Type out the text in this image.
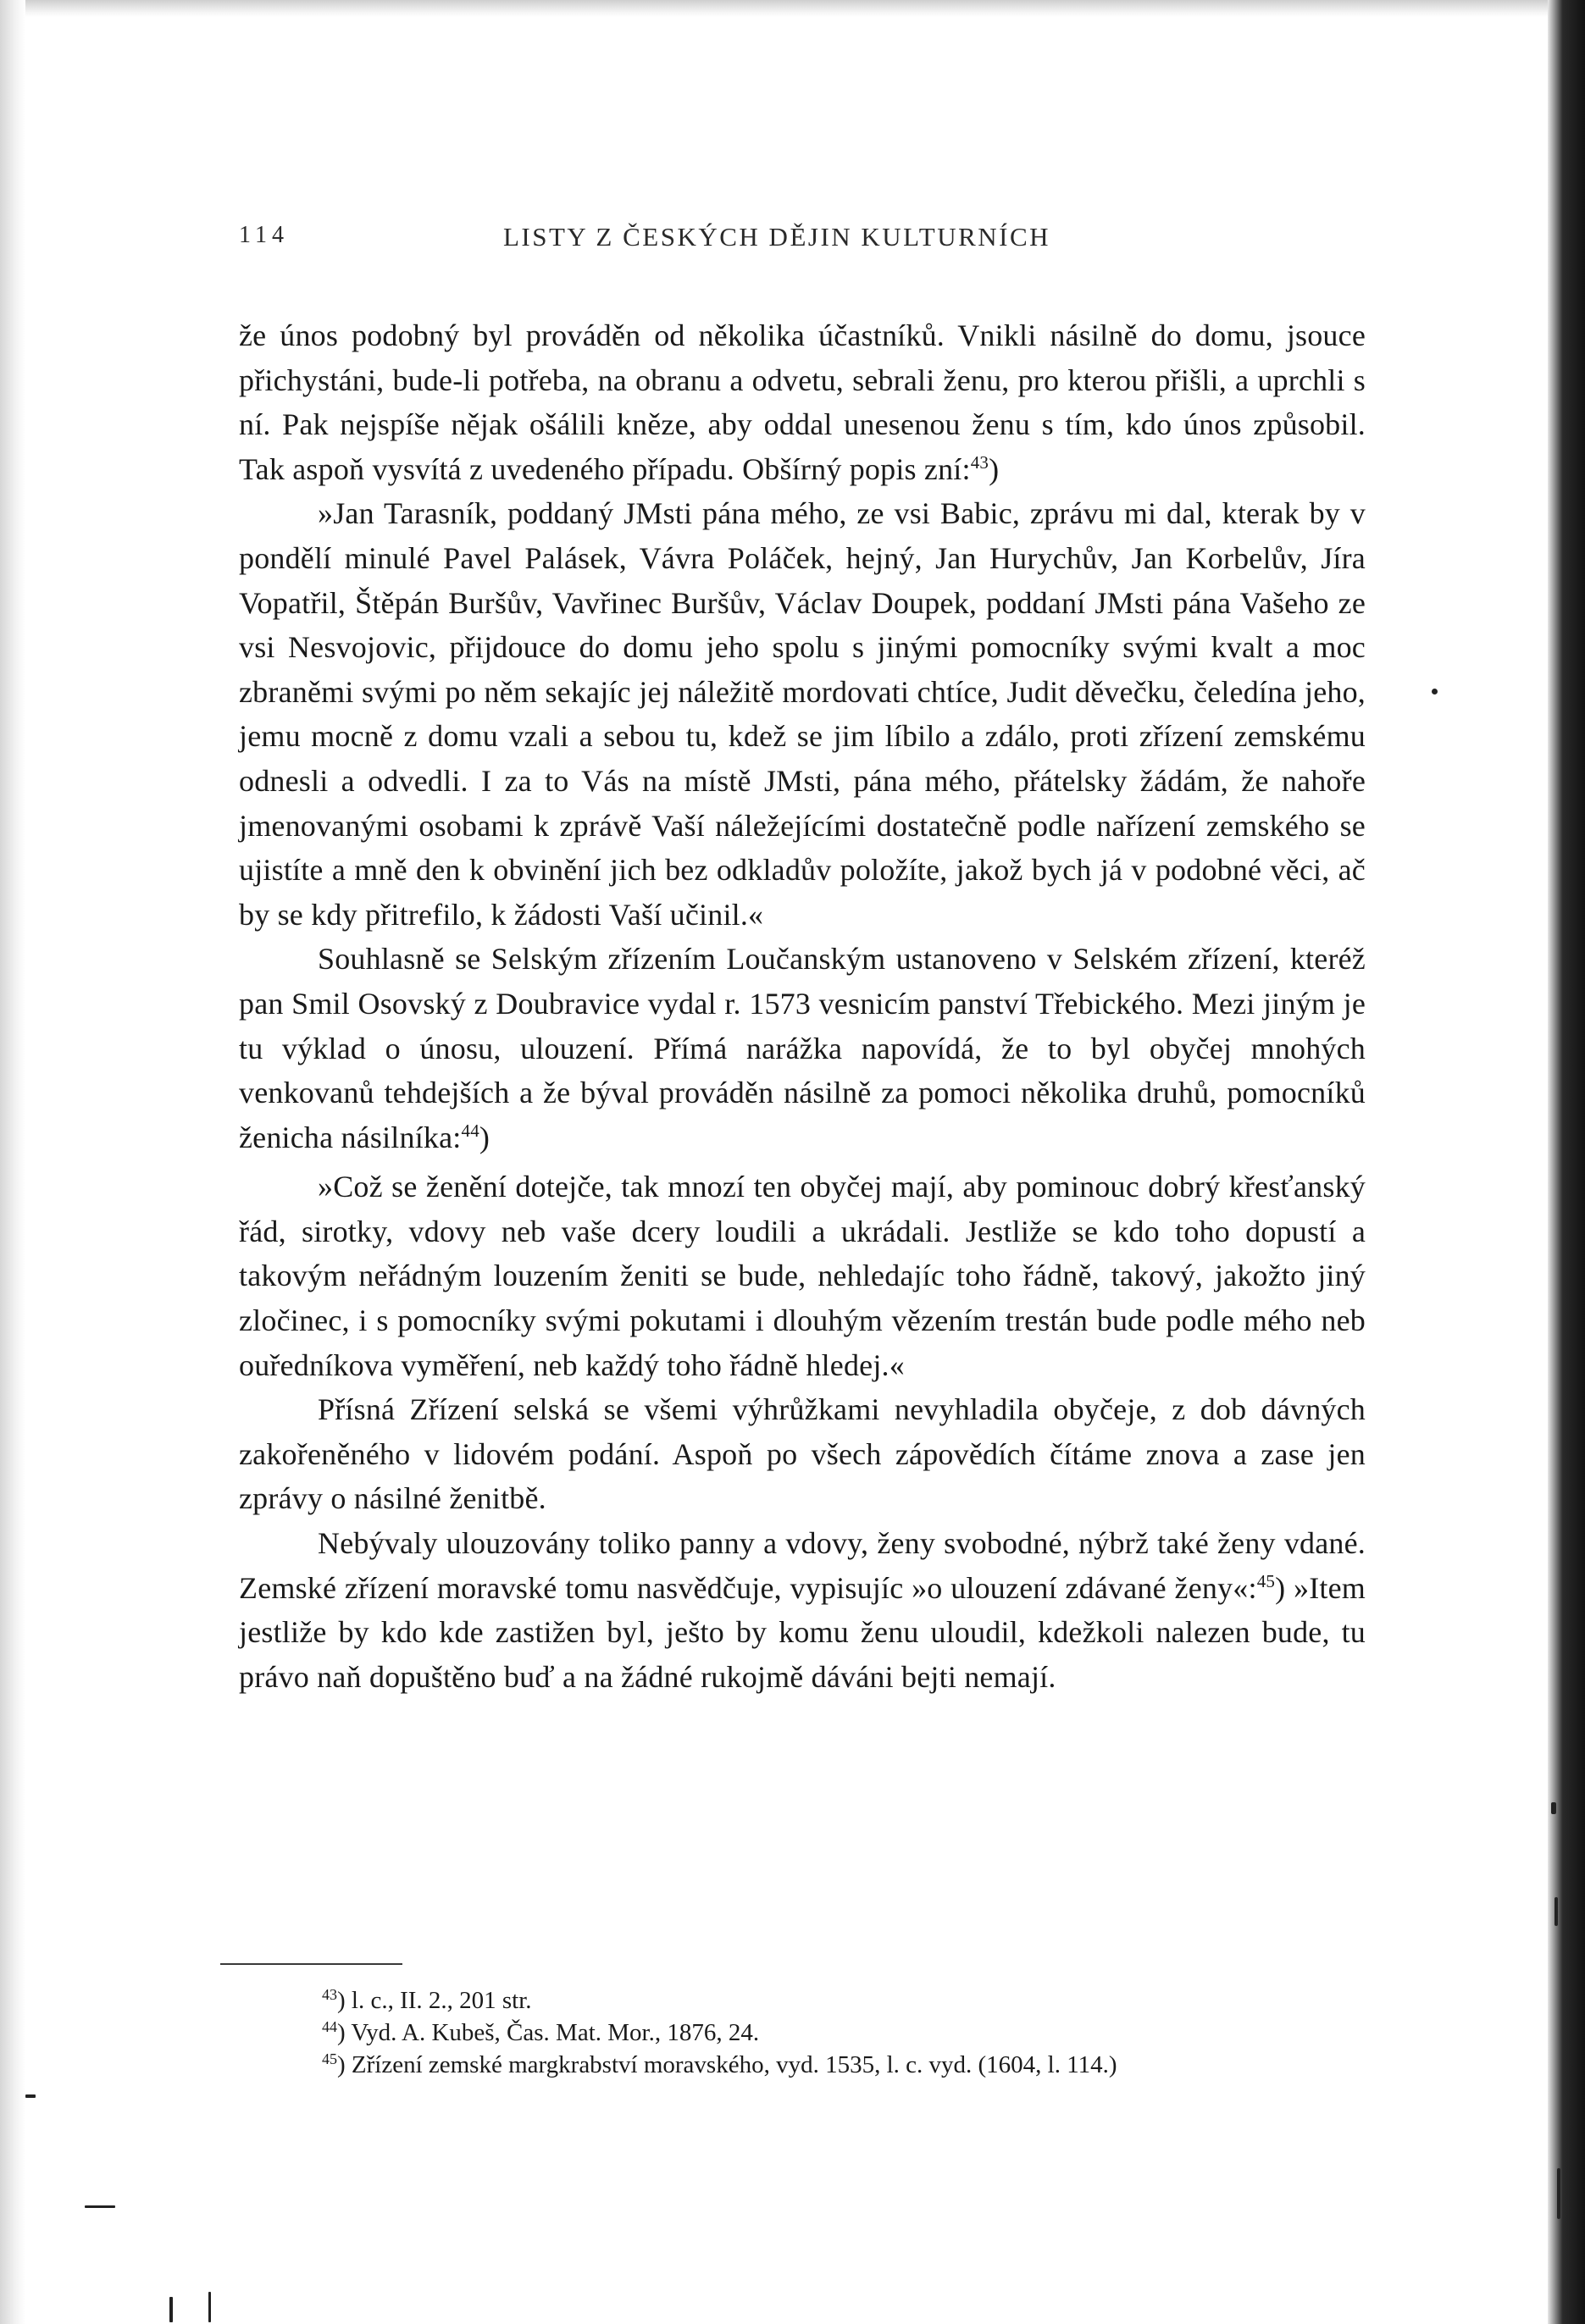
114	LISTY Z ČESKÝCH DĚJIN KULTURNÍCH

že únos podobný byl prováděn od několika účastníků. Vnikli násilně do domu, jsouce přichystáni, bude-li potřeba, na obranu a odvetu, sebrali ženu, pro kterou přišli, a uprchli s ní. Pak nejspíše nějak ošálili kněze, aby oddal unesenou ženu s tím, kdo únos způsobil. Tak aspoň vysvítá z uvedeného případu. Obšírný popis zní:$^{43}$)

»Jan Tarasník, poddaný JMsti pána mého, ze vsi Babic, zprávu mi dal, kterak by v pondělí minulé Pavel Palásek, Vávra Poláček, hejný, Jan Hurychův, Jan Korbelův, Jíra Vopatřil, Štěpán Buršův, Vavřinec Buršův, Václav Doupek, poddaní JMsti pána Vašeho ze vsi Nesvojovic, přijdouce do domu jeho spolu s jinými pomocníky svými kvalt a moc zbraněmi svými po něm sekajíc jej náležitě mordovati chtíce, Judit děvečku, čeledína jeho, jemu mocně z domu vzali a sebou tu, kdež se jim líbilo a zdálo, proti zřízení zemskému odnesli a odvedli. I za to Vás na místě JMsti, pána mého, přátelsky žádám, že nahoře jmenovanými osobami k zprávě Vaší náležejícími dostatečně podle nařízení zemského se ujistíte a mně den k obvinění jich bez odkladův položíte, jakož bych já v podobné věci, ač by se kdy přitrefilo, k žádosti Vaší učinil.«

Souhlasně se Selským zřízením Loučanským ustanoveno v Selském zřízení, kteréž pan Smil Osovský z Doubravice vydal r. 1573 vesnicím panství Třebického. Mezi jiným je tu výklad o únosu, ulouzení. Přímá narážka napovídá, že to byl obyčej mnohých venkovanů tehdejších a že býval prováděn násilně za pomoci několika druhů, pomocníků ženicha násilníka:$^{44}$)

»Což se ženění dotejče, tak mnozí ten obyčej mají, aby pominouc dobrý křesťanský řád, sirotky, vdovy neb vaše dcery loudili a ukrádali. Jestliže se kdo toho dopustí a takovým neřádným louzením ženiti se bude, nehledajíc toho řádně, takový, jakožto jiný zločinec, i s pomocníky svými pokutami i dlouhým vězením trestán bude podle mého neb ouředníkova vyměření, neb každý toho řádně hledej.«

Přísná Zřízení selská se všemi výhrůžkami nevyhladila obyčeje, z dob dávných zakořeněného v lidovém podání. Aspoň po všech zápovědích čítáme znova a zase jen zprávy o násilné ženitbě.

Nebývaly ulouzovány toliko panny a vdovy, ženy svobodné, nýbrž také ženy vdané. Zemské zřízení moravské tomu nasvědčuje, vypisujíc »o ulouzení zdávané ženy«:$^{45}$) »Item jestliže by kdo kde zastižen byl, ješto by komu ženu uloudil, kdežkoli nalezen bude, tu právo naň dopuštěno buď a na žádné rukojmě dáváni bejti nemají.

$^{43}$) l. c., II. 2., 201 str.
$^{44}$) Vyd. A. Kubeš, Čas. Mat. Mor., 1876, 24.
$^{45}$) Zřízení zemské margkrabství moravského, vyd. 1535, l. c. vyd. (1604, l. 114.)
